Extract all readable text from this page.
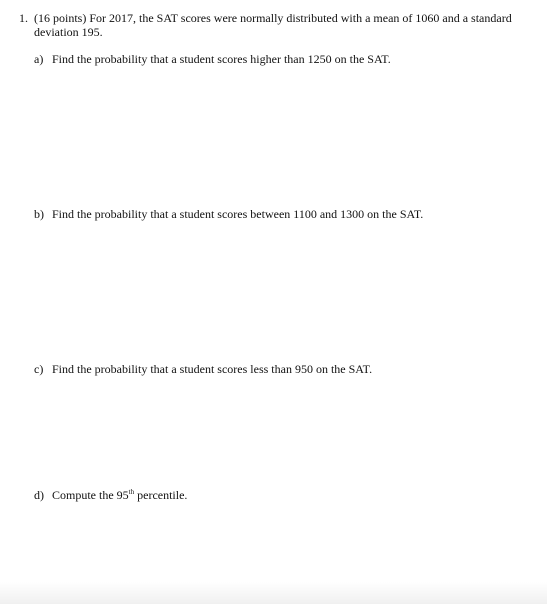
1. (16 points) For 2017, the SAT scores were normally distributed with a mean of 1060 and a standard deviation 195.
a) Find the probability that a student scores higher than 1250 on the SAT.
b) Find the probability that a student scores between 1100 and 1300 on the SAT.
c) Find the probability that a student scores less than 950 on the SAT.
d) Compute the 95th percentile.
